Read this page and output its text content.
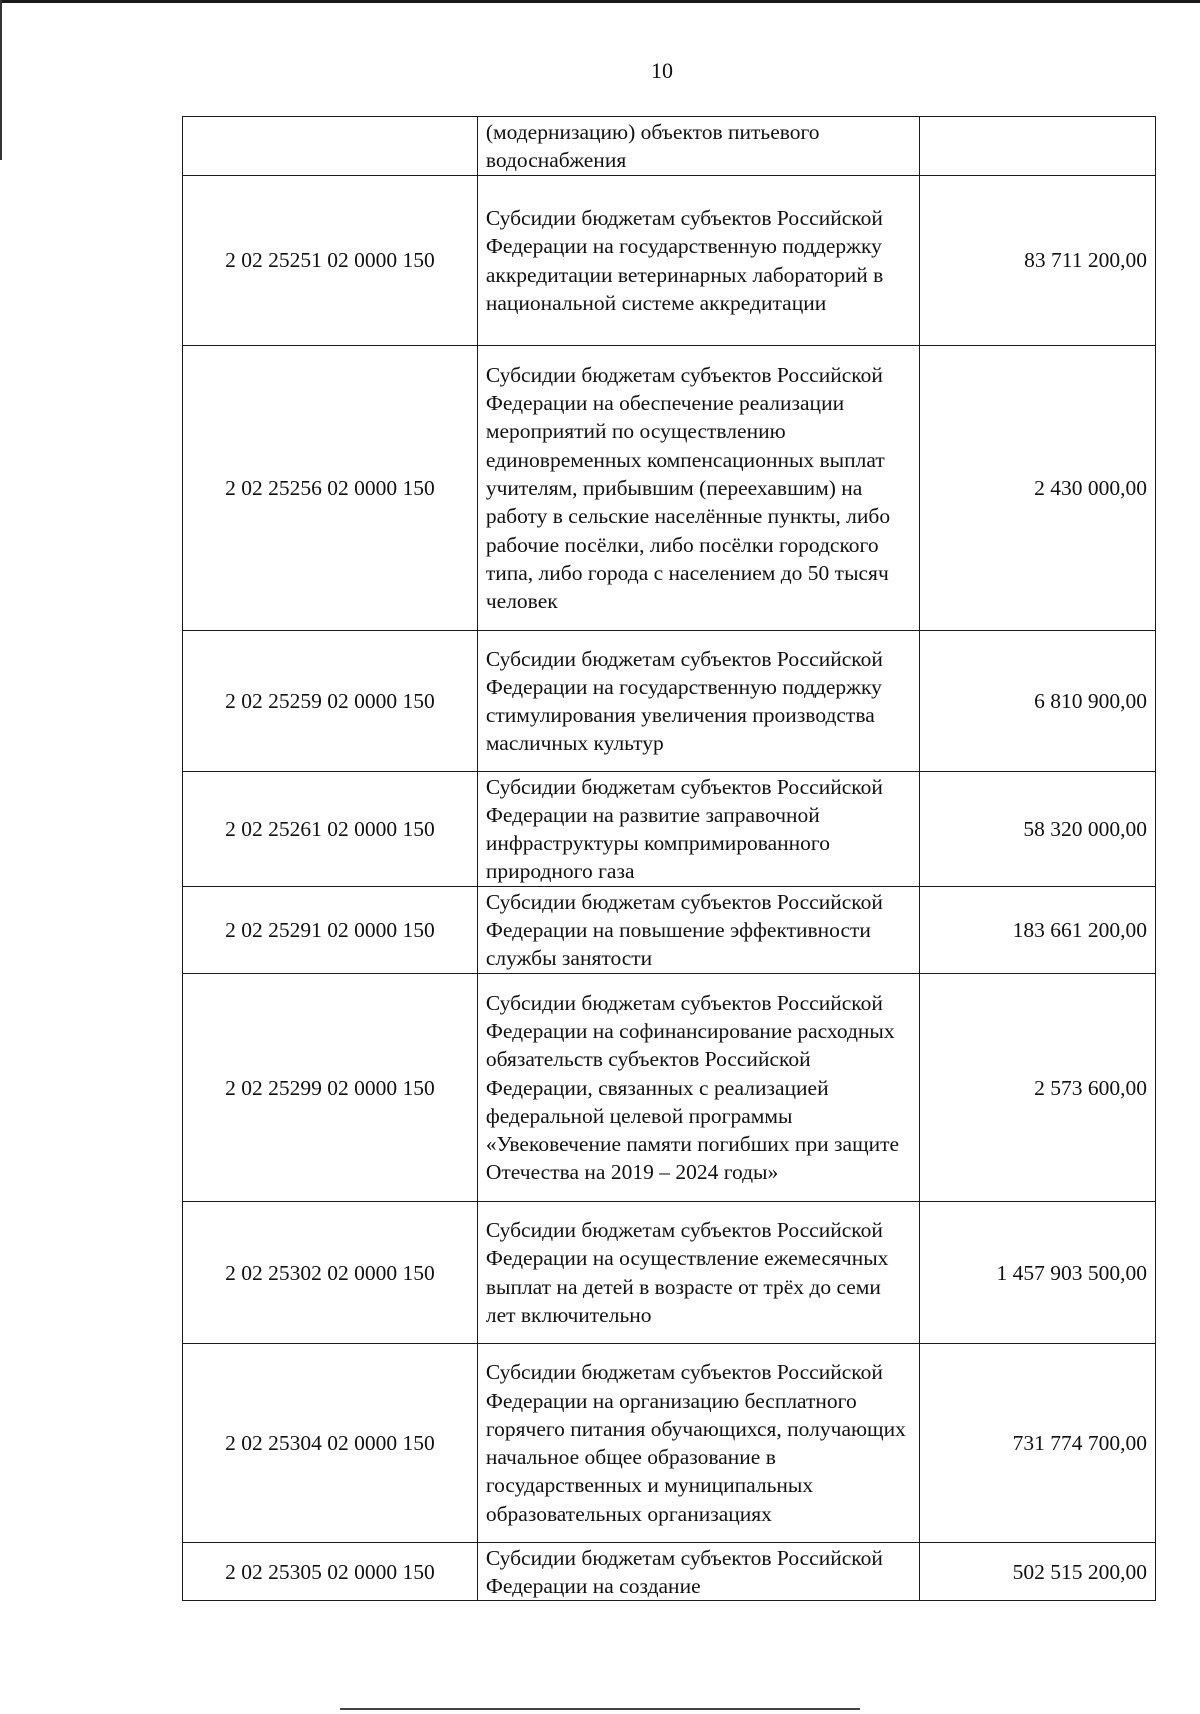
10

	(модернизацию) объектов питьевого водоснабжения	

2 02 25251 02 0000 150	Субсидии бюджетам субъектов Российской Федерации на государственную поддержку аккредитации ветеринарных лабораторий в национальной системе аккредитации	83 711 200,00
2 02 25256 02 0000 150	Субсидии бюджетам субъектов Российской Федерации на обеспечение реализации мероприятий по осуществлению единовременных компенсационных выплат учителям, прибывшим (переехавшим) на работу в сельские населённые пункты, либо рабочие посёлки, либо посёлки городского типа, либо города с населением до 50 тысяч человек	2 430 000,00
2 02 25259 02 0000 150	Субсидии бюджетам субъектов Российской Федерации на государственную поддержку стимулирования увеличения производства масличных культур	6 810 900,00
2 02 25261 02 0000 150	Субсидии бюджетам субъектов Российской Федерации на развитие заправочной инфраструктуры компримированного природного газа	58 320 000,00
2 02 25291 02 0000 150	Субсидии бюджетам субъектов Российской Федерации на повышение эффективности службы занятости	183 661 200,00
2 02 25299 02 0000 150	Субсидии бюджетам субъектов Российской Федерации на софинансирование расходных обязательств субъектов Российской Федерации, связанных с реализацией федеральной целевой программы «Увековечение памяти погибших при защите Отечества на 2019 – 2024 годы»	2 573 600,00
2 02 25302 02 0000 150	Субсидии бюджетам субъектов Российской Федерации на осуществление ежемесячных выплат на детей в возрасте от трёх до семи лет включительно	1 457 903 500,00
2 02 25304 02 0000 150	Субсидии бюджетам субъектов Российской Федерации на организацию бесплатного горячего питания обучающихся, получающих начальное общее образование в государственных и муниципальных образовательных организациях	731 774 700,00
2 02 25305 02 0000 150	Субсидии бюджетам субъектов Российской Федерации на создание	502 515 200,00
